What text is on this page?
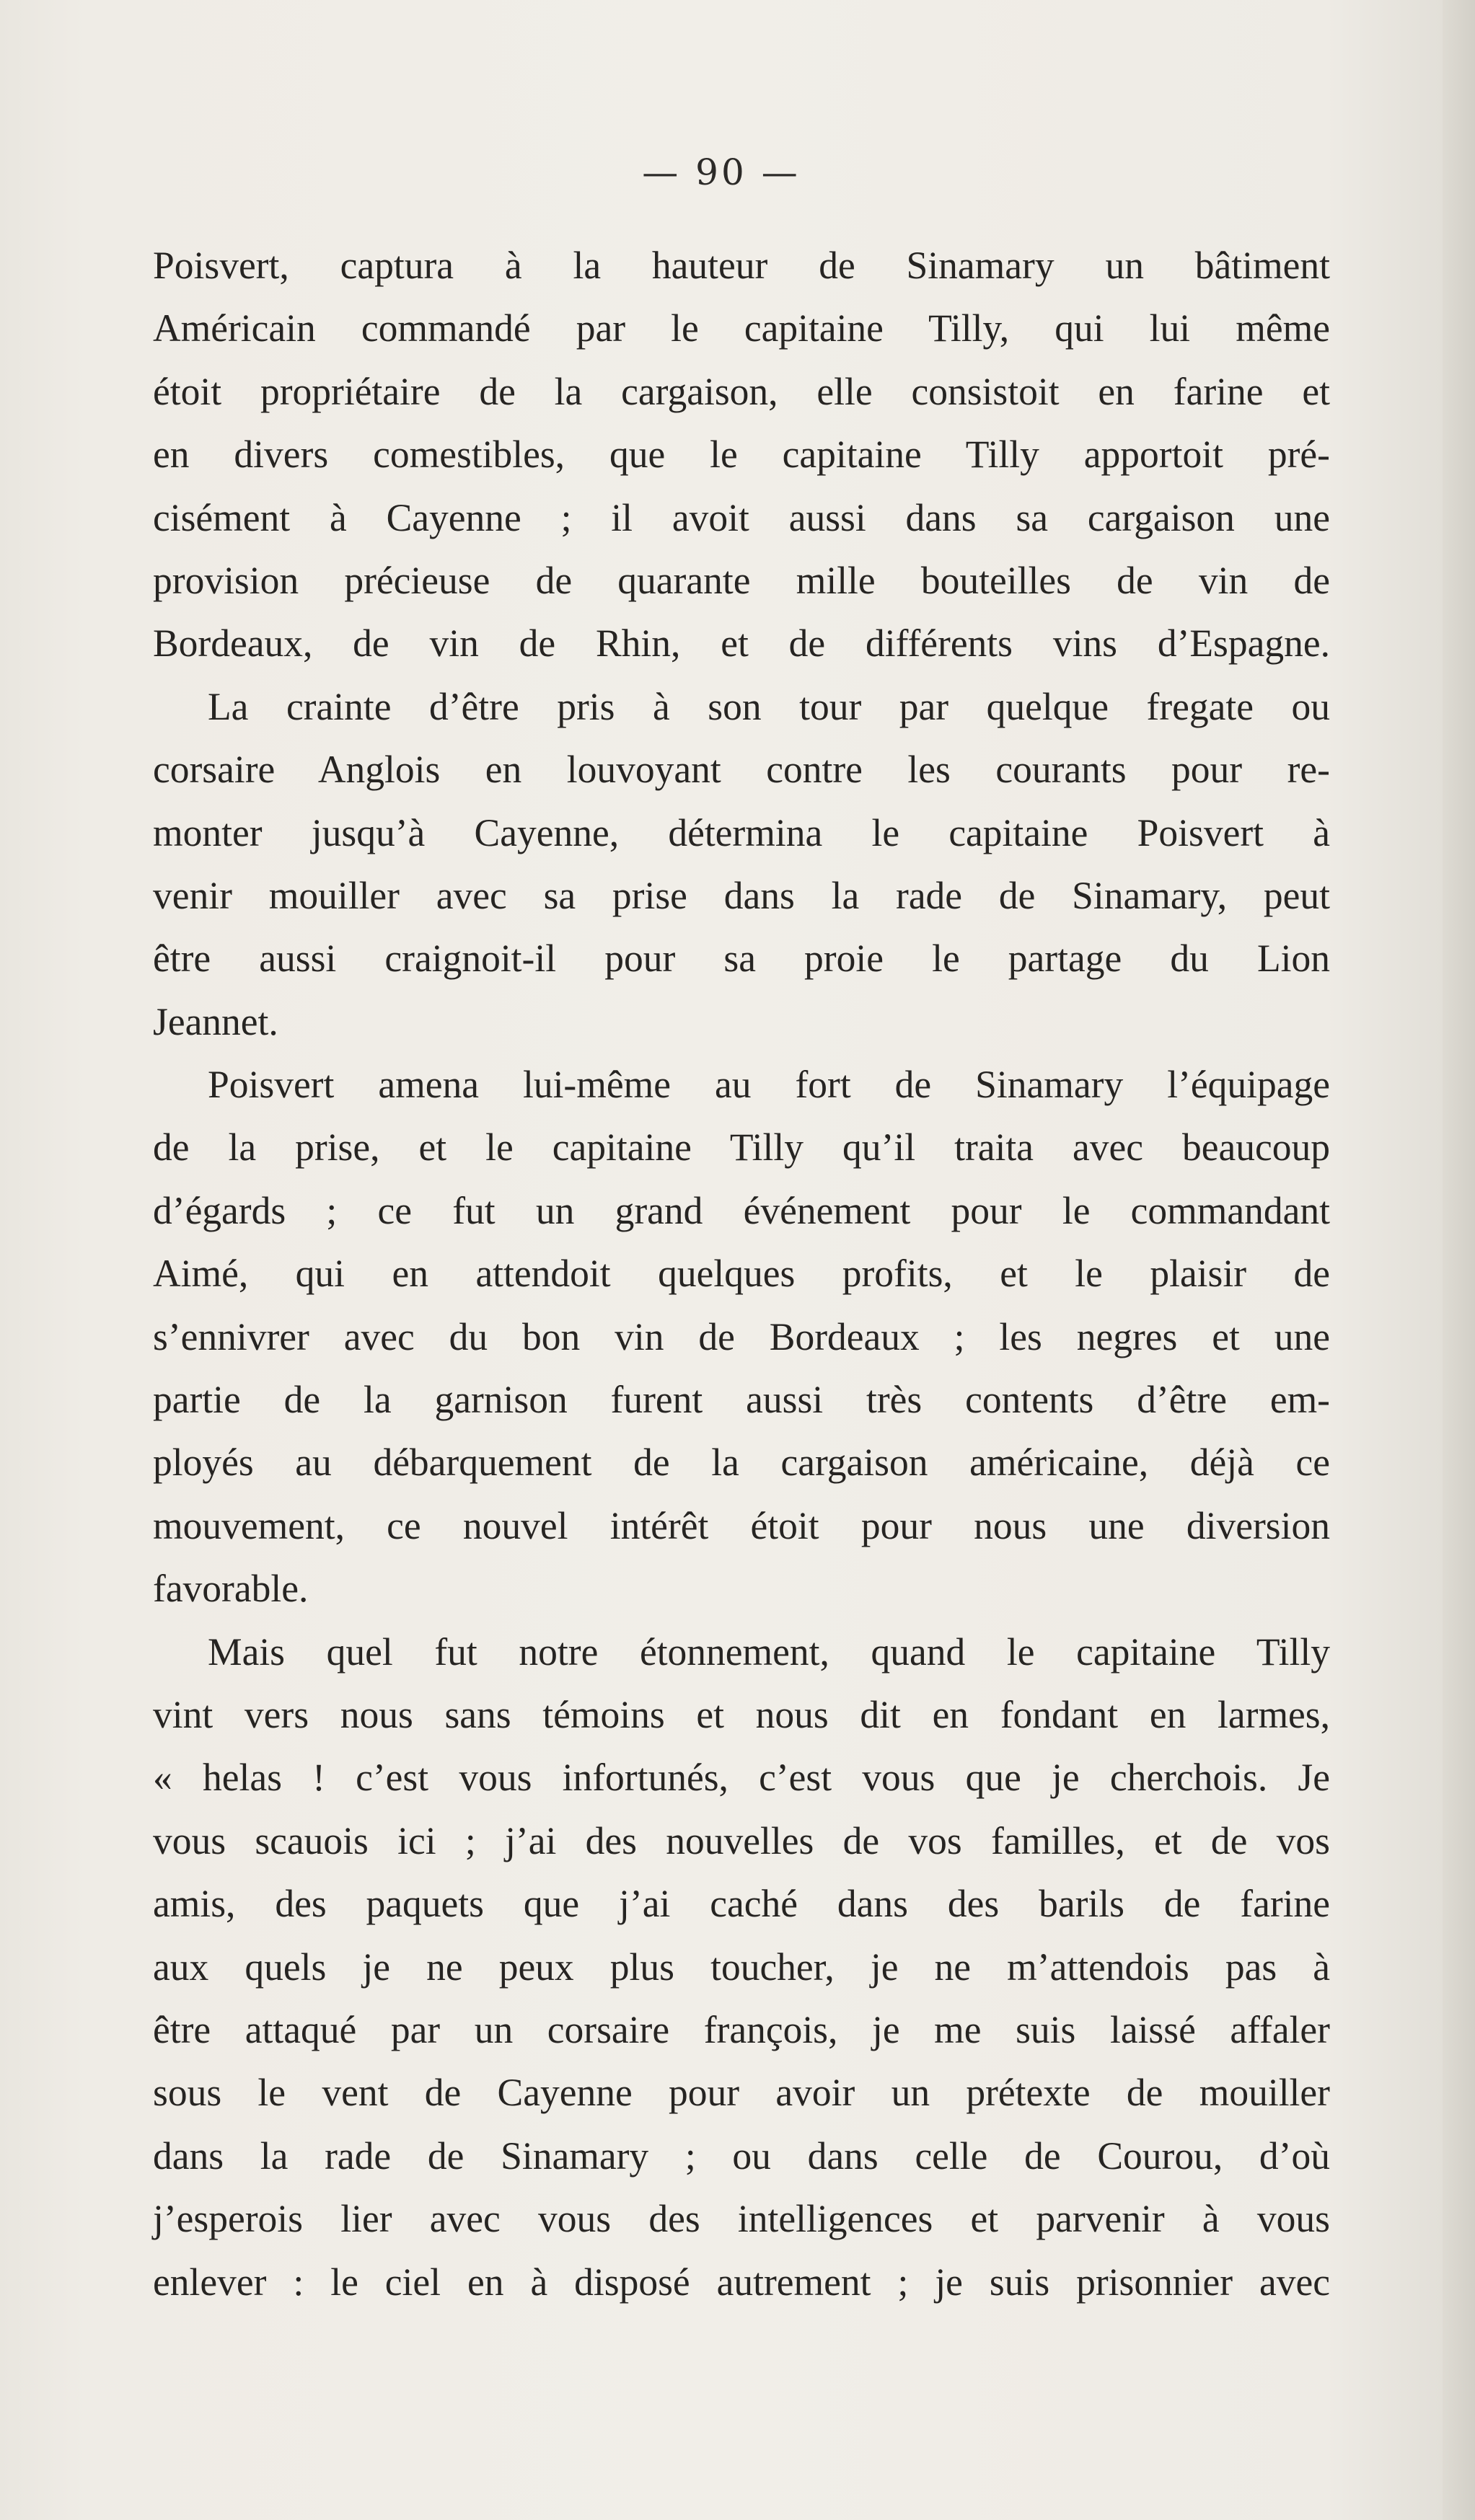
— 90 —
Poisvert, captura à la hauteur de Sinamary un bâtiment
Américain commandé par le capitaine Tilly, qui lui même
étoit propriétaire de la cargaison, elle consistoit en farine et
en divers comestibles, que le capitaine Tilly apportoit pré-
cisément à Cayenne ; il avoit aussi dans sa cargaison une
provision précieuse de quarante mille bouteilles de vin de
Bordeaux, de vin de Rhin, et de différents vins d’Espagne.
La crainte d’être pris à son tour par quelque fregate ou
corsaire Anglois en louvoyant contre les courants pour re-
monter jusqu’à Cayenne, détermina le capitaine Poisvert à
venir mouiller avec sa prise dans la rade de Sinamary, peut
être aussi craignoit-il pour sa proie le partage du Lion
Jeannet.
Poisvert amena lui-même au fort de Sinamary l’équipage
de la prise, et le capitaine Tilly qu’il traita avec beaucoup
d’égards ; ce fut un grand événement pour le commandant
Aimé, qui en attendoit quelques profits, et le plaisir de
s’ennivrer avec du bon vin de Bordeaux ; les negres et une
partie de la garnison furent aussi très contents d’être em-
ployés au débarquement de la cargaison américaine, déjà ce
mouvement, ce nouvel intérêt étoit pour nous une diversion
favorable.
Mais quel fut notre étonnement, quand le capitaine Tilly
vint vers nous sans témoins et nous dit en fondant en larmes,
« helas ! c’est vous infortunés, c’est vous que je cherchois. Je
vous scauois ici ; j’ai des nouvelles de vos familles, et de vos
amis, des paquets que j’ai caché dans des barils de farine
aux quels je ne peux plus toucher, je ne m’attendois pas à
être attaqué par un corsaire françois, je me suis laissé affaler
sous le vent de Cayenne pour avoir un prétexte de mouiller
dans la rade de Sinamary ; ou dans celle de Courou, d’où
j’esperois lier avec vous des intelligences et parvenir à vous
enlever : le ciel en à disposé autrement ; je suis prisonnier avec
